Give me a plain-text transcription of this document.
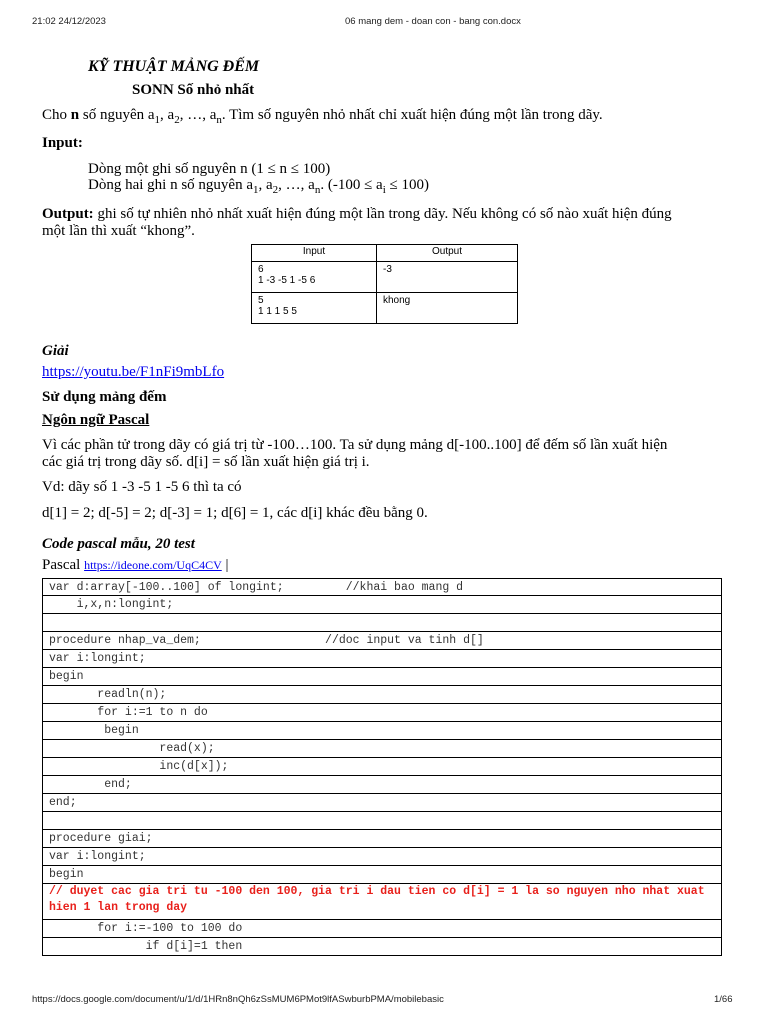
21:02 24/12/2023	06 mang dem - doan con - bang con.docx
KỸ THUẬT MẢNG ĐẾM
SONN Số nhỏ nhất
Cho n số nguyên $a_1$, $a_2$, …, $a_n$. Tìm số nguyên nhỏ nhất chỉ xuất hiện đúng một lần trong dãy.
Input:
Dòng một ghi số nguyên n (1 ≤ n ≤ 100)
Dòng hai ghi n số nguyên $a_1$, $a_2$, …, $a_n$. $(-100 \le a_i \le 100)$
Output: ghi số tự nhiên nhỏ nhất xuất hiện đúng một lần trong dãy. Nếu không có số nào xuất hiện đúng
một lần thì xuất “khong”.
Input	Output

6
1 -3 -5 1 -5 6	-3

5
1 1 1 5 5	khong
Giải
https://youtu.be/F1nFi9mbLfo
Sử dụng mảng đếm
Ngôn ngữ Pascal
Vì các phần tử trong dãy có giá trị từ -100…100. Ta sử dụng mảng d[-100..100] để đếm số lần xuất hiện
các giá trị trong dãy số. d[i] = số lần xuất hiện giá trị i.
Vd: dãy số 1 -3 -5 1 -5 6 thì ta có
d[1] = 2; d[-5] = 2; d[-3] = 1; d[6] = 1, các d[i] khác đều bằng 0.
Code pascal mẫu, 20 test
Pascal https://ideone.com/UqC4CV |
var d:array[-100..100] of longint;         //khai bao mang d
i,x,n:longint;
procedure nhap_va_dem;                  //doc input va tinh d[]
var i:longint;
begin
readln(n);
for i:=1 to n do
begin
read(x);
inc(d[x]);
end;
end;
procedure giai;
var i:longint;
begin
// duyet cac gia tri tu -100 den 100, gia tri i dau tien co d[i] = 1 la so nguyen nho nhat xuat hien 1 lan trong day
for i:=-100 to 100 do
if d[i]=1 then
https://docs.google.com/document/u/1/d/1HRn8nQh6zSsMUM6PMot9lfASwburbPMA/mobilebasic	1/66
